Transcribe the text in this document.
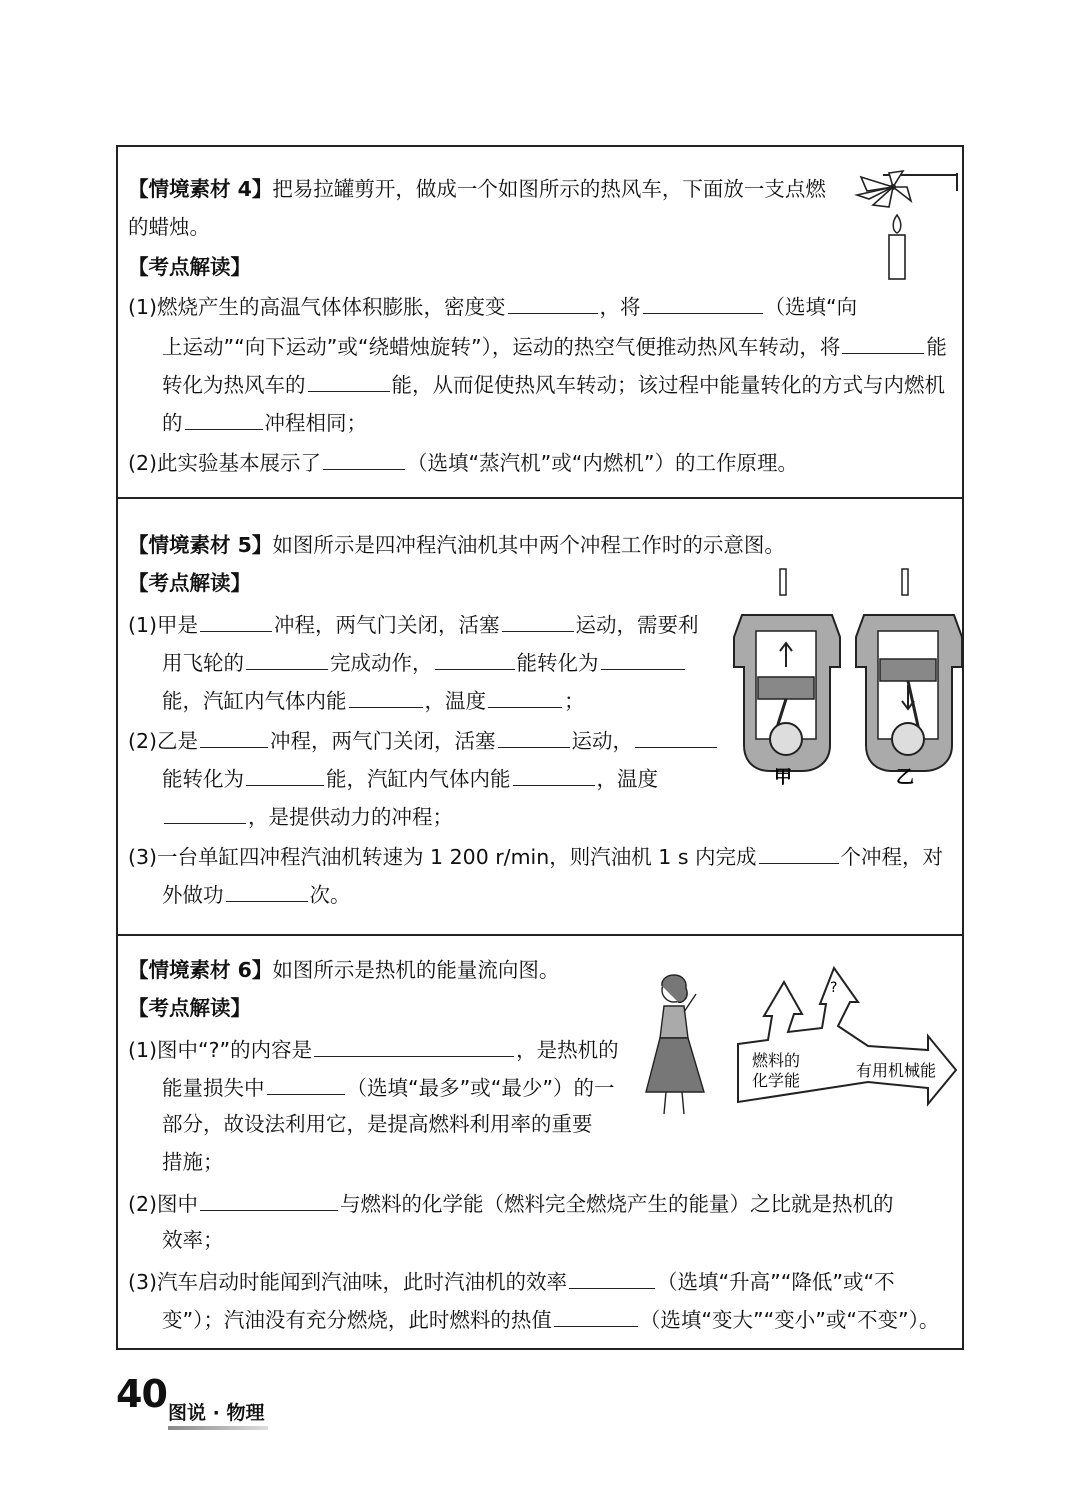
【情境素材 4】把易拉罐剪开，做成一个如图所示的热风车，下面放一支点燃
的蜡烛。
【考点解读】
(1)燃烧产生的高温气体体积膨胀，密度变	，将	（选填“向
上运动”“向下运动”或“绕蜡烛旋转”），运动的热空气便推动热风车转动，将	能
转化为热风车的	能，从而促使热风车转动；该过程中能量转化的方式与内燃机
的	冲程相同；
(2)此实验基本展示了	（选填“蒸汽机”或“内燃机”）的工作原理。
【情境素材 5】如图所示是四冲程汽油机其中两个冲程工作时的示意图。
【考点解读】
(1)甲是	冲程，两气门关闭，活塞	运动，需要利
用飞轮的	完成动作，	能转化为
能，汽缸内气体内能	，温度	；
(2)乙是	冲程，两气门关闭，活塞	运动，
能转化为	能，汽缸内气体内能	，温度
，是提供动力的冲程；
(3)一台单缸四冲程汽油机转速为 1 200 r/min，则汽油机 1 s 内完成	个冲程，对
外做功	次。
甲	乙
【情境素材 6】如图所示是热机的能量流向图。
【考点解读】
(1)图中“?”的内容是	，是热机的
能量损失中	（选填“最多”或“最少”）的一
部分，故设法利用它，是提高燃料利用率的重要
措施；
(2)图中	与燃料的化学能（燃料完全燃烧产生的能量）之比就是热机的
效率；
(3)汽车启动时能闻到汽油味，此时汽油机的效率	（选填“升高”“降低”或“不
变”）；汽油没有充分燃烧，此时燃料的热值	（选填“变大”“变小”或“不变”）。
?
燃料的
化学能
有用机械能
40 图说 · 物理
